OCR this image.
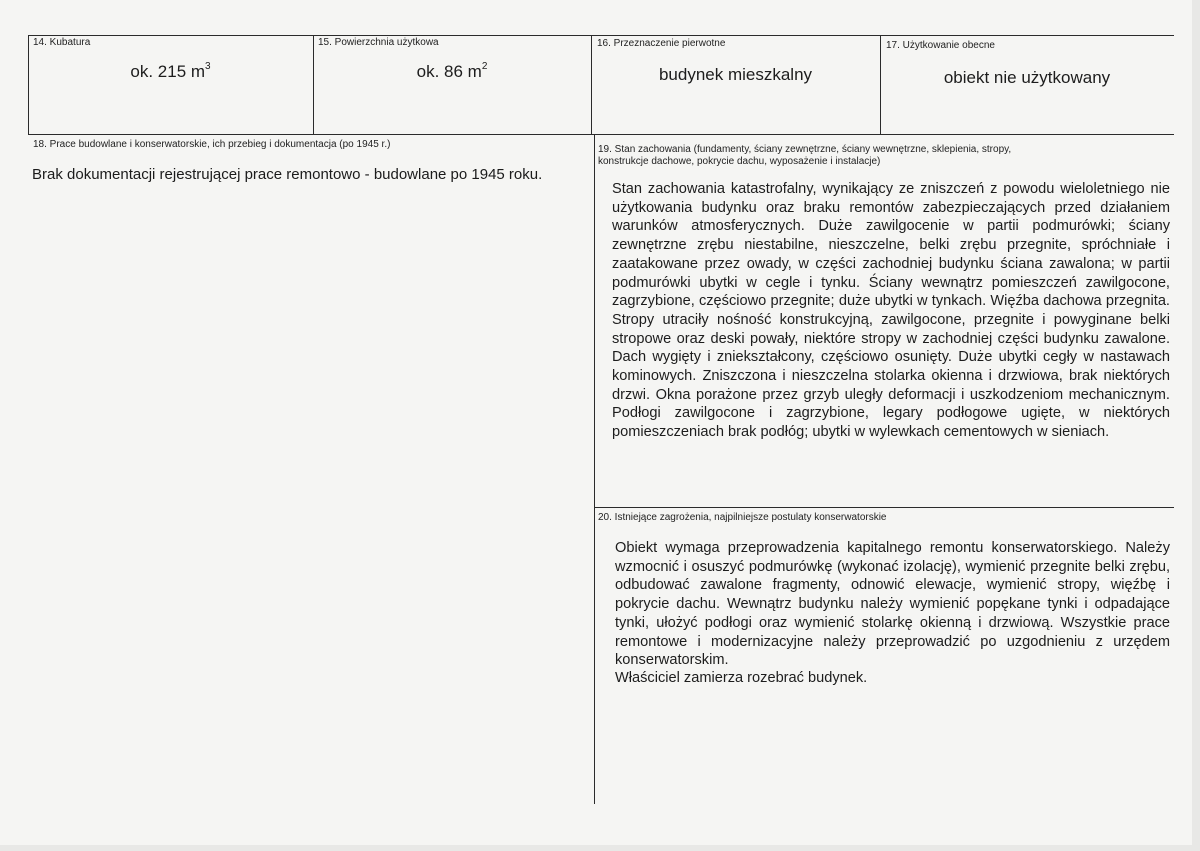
14. Kubatura
ok. 215 $m^3$
15. Powierzchnia użytkowa
ok. 86 $m^2$
16. Przeznaczenie pierwotne
budynek mieszkalny
17. Użytkowanie obecne
obiekt nie użytkowany
18. Prace budowlane i konserwatorskie, ich przebieg i dokumentacja (po 1945 r.)
Brak dokumentacji rejestrującej prace remontowo - budowlane po 1945 roku.
19. Stan zachowania (fundamenty, ściany zewnętrzne, ściany wewnętrzne, sklepienia, stropy,
konstrukcje dachowe, pokrycie dachu, wyposażenie i instalacje)
Stan zachowania katastrofalny, wynikający ze zniszczeń z powodu wieloletniego nie użytkowania budynku oraz braku remontów zabezpieczających przed działaniem warunków atmosferycznych. Duże zawilgocenie w partii podmurówki; ściany zewnętrzne zrębu niestabilne, nieszczelne, belki zrębu przegnite, spróchniałe i zaatakowane przez owady, w części zachodniej budynku ściana zawalona; w partii podmurówki ubytki w cegle i tynku. Ściany wewnątrz pomieszczeń zawilgocone, zagrzybione, częściowo przegnite; duże ubytki w tynkach. Więźba dachowa przegnita. Stropy utraciły nośność konstrukcyjną, zawilgocone, przegnite i powyginane belki stropowe oraz deski powały, niektóre stropy w zachodniej części budynku zawalone. Dach wygięty i zniekształcony, częściowo osunięty. Duże ubytki cegły w nastawach kominowych. Zniszczona i nieszczelna stolarka okienna i drzwiowa, brak niektórych drzwi. Okna porażone przez grzyb uległy deformacji i uszkodzeniom mechanicznym. Podłogi zawilgocone i zagrzybione, legary podłogowe ugięte, w niektórych pomieszczeniach brak podłóg; ubytki w wylewkach cementowych w sieniach.
20. Istniejące zagrożenia, najpilniejsze postulaty konserwatorskie
Obiekt wymaga przeprowadzenia kapitalnego remontu konserwatorskiego. Należy wzmocnić i osuszyć podmurówkę (wykonać izolację), wymienić przegnite belki zrębu, odbudować zawalone fragmenty, odnowić elewacje, wymienić stropy, więźbę i pokrycie dachu. Wewnątrz budynku należy wymienić popękane tynki i odpadające tynki, ułożyć podłogi oraz wymienić stolarkę okienną i drzwiową. Wszystkie prace remontowe i modernizacyjne należy przeprowadzić po uzgodnieniu z urzędem konserwatorskim.
Właściciel zamierza rozebrać budynek.
